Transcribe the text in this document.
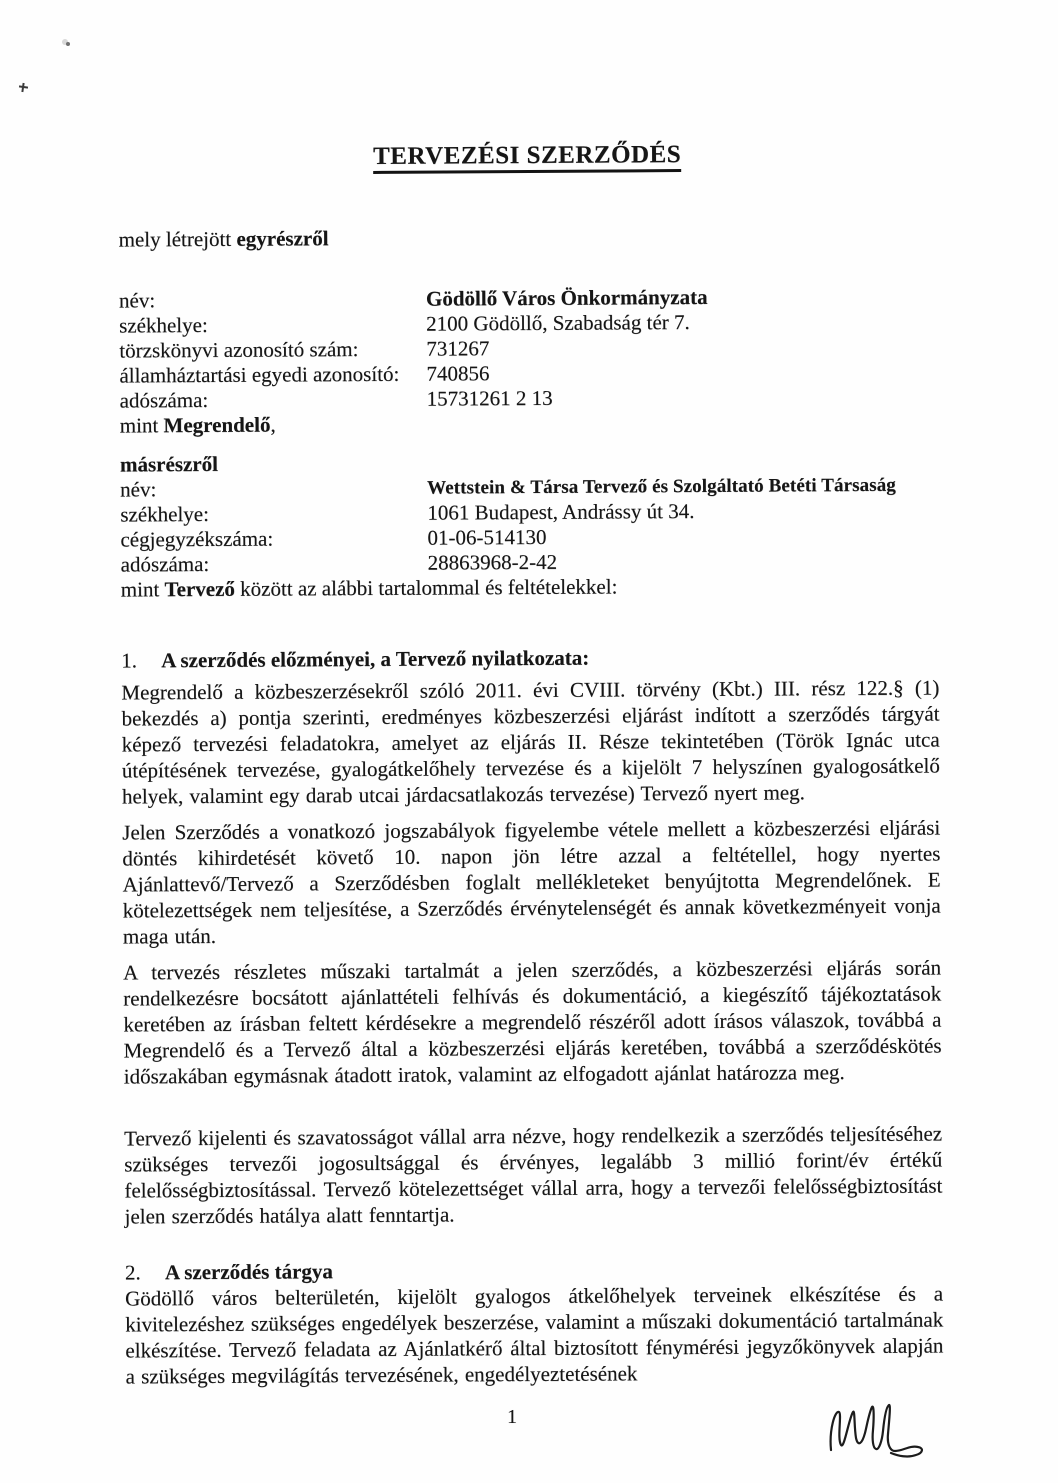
TERVEZÉSI SZERZŐDÉS

mely létrejött egyrészről

név:	Gödöllő Város Önkormányzata
székhelye:	2100 Gödöllő, Szabadság tér 7.
törzskönyvi azonosító szám:	731267
államháztartási egyedi azonosító:	740856
adószáma:	15731261 2 13
mint Megrendelő,
másrészről
név:	Wettstein & Társa Tervező és Szolgáltató Betéti Társaság
székhelye:	1061 Budapest, Andrássy út 34.
cégjegyzékszáma:	01-06-514130
adószáma:	28863968-2-42
mint Tervező között az alábbi tartalommal és feltételekkel:
1.	A szerződés előzményei, a Tervező nyilatkozata:

Megrendelő a közbeszerzésekről szóló 2011. évi CVIII. törvény (Kbt.) III. rész 122.§ (1) bekezdés a) pontja szerinti, eredményes közbeszerzési eljárást indított a szerződés tárgyát képező tervezési feladatokra, amelyet az eljárás II. Része tekintetében (Török Ignác utca útépítésének tervezése, gyalogátkelőhely tervezése és a kijelölt 7 helyszínen gyalogosátkelő helyek, valamint egy darab utcai járdacsatlakozás tervezése) Tervező nyert meg.

Jelen Szerződés a vonatkozó jogszabályok figyelembe vétele mellett a közbeszerzési eljárási döntés kihirdetését követő 10. napon jön létre azzal a feltétellel, hogy nyertes Ajánlattevő/Tervező a Szerződésben foglalt mellékleteket benyújtotta Megrendelőnek. E kötelezettségek nem teljesítése, a Szerződés érvénytelenségét és annak következményeit vonja maga után.

A tervezés részletes műszaki tartalmát a jelen szerződés, a közbeszerzési eljárás során rendelkezésre bocsátott ajánlattételi felhívás és dokumentáció, a kiegészítő tájékoztatások keretében az írásban feltett kérdésekre a megrendelő részéről adott írásos válaszok, továbbá a Megrendelő és a Tervező által a közbeszerzési eljárás keretében, továbbá a szerződéskötés időszakában egymásnak átadott iratok, valamint az elfogadott ajánlat határozza meg.

Tervező kijelenti és szavatosságot vállal arra nézve, hogy rendelkezik a szerződés teljesítéséhez szükséges tervezői jogosultsággal és érvényes, legalább 3 millió forint/év értékű felelősségbiztosítással. Tervező kötelezettséget vállal arra, hogy a tervezői felelősségbiztosítást jelen szerződés hatálya alatt fenntartja.

2.	A szerződés tárgya

Gödöllő város belterületén, kijelölt gyalogos átkelőhelyek terveinek elkészítése és a kivitelezéshez szükséges engedélyek beszerzése, valamint a műszaki dokumentáció tartalmának elkészítése. Tervező feladata az Ajánlatkérő által biztosított fénymérési jegyzőkönyvek alapján a szükséges megvilágítás tervezésének, engedélyeztetésének

1
